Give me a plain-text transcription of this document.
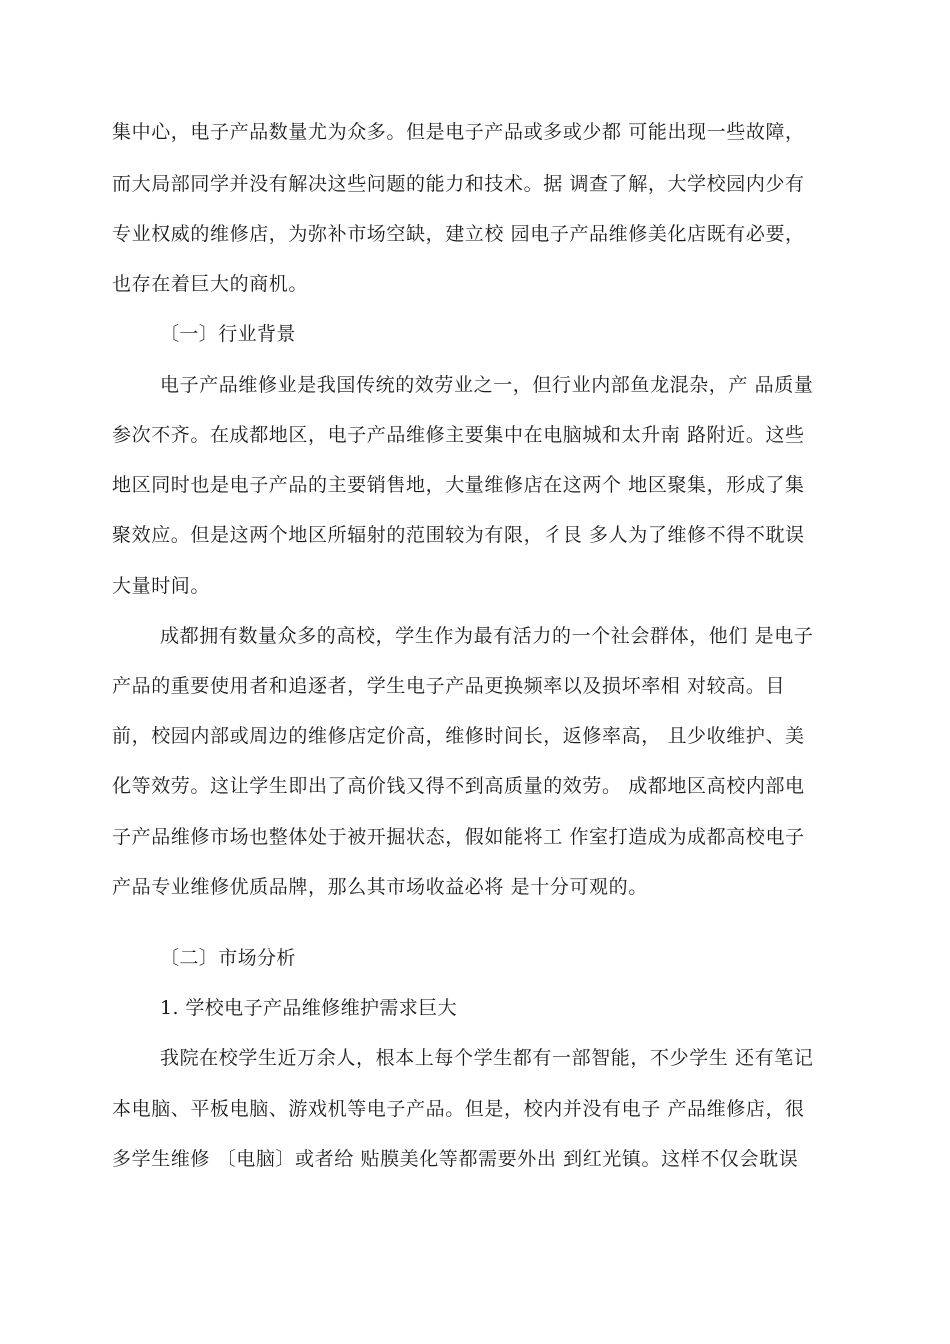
集中心，电子产品数量尤为众多。但是电子产品或多或少都 可能出现一些故障，
而大局部同学并没有解决这些问题的能力和技术。据 调查了解，大学校园内少有
专业权威的维修店，为弥补市场空缺，建立校 园电子产品维修美化店既有必要，
也存在着巨大的商机。
〔一〕行业背景
电子产品维修业是我国传统的效劳业之一，但行业内部鱼龙混杂，产 品质量
参次不齐。在成都地区，电子产品维修主要集中在电脑城和太升南 路附近。这些
地区同时也是电子产品的主要销售地，大量维修店在这两个 地区聚集，形成了集
聚效应。但是这两个地区所辐射的范围较为有限，彳艮 多人为了维修不得不耽误
大量时间。
成都拥有数量众多的高校，学生作为最有活力的一个社会群体，他们 是电子
产品的重要使用者和追逐者，学生电子产品更换频率以及损坏率相 对较高。目
前，校园内部或周边的维修店定价高，维修时间长，返修率高， 且少收维护、美
化等效劳。这让学生即出了高价钱又得不到高质量的效劳。 成都地区高校内部电
子产品维修市场也整体处于被开掘状态，假如能将工 作室打造成为成都高校电子
产品专业维修优质品牌，那么其市场收益必将 是十分可观的。
〔二〕市场分析
1. 学校电子产品维修维护需求巨大
我院在校学生近万余人，根本上每个学生都有一部智能，不少学生 还有笔记
本电脑、平板电脑、游戏机等电子产品。但是，校内并没有电子 产品维修店，很
多学生维修 〔电脑〕或者给 贴膜美化等都需要外出 到红光镇。这样不仅会耽误
